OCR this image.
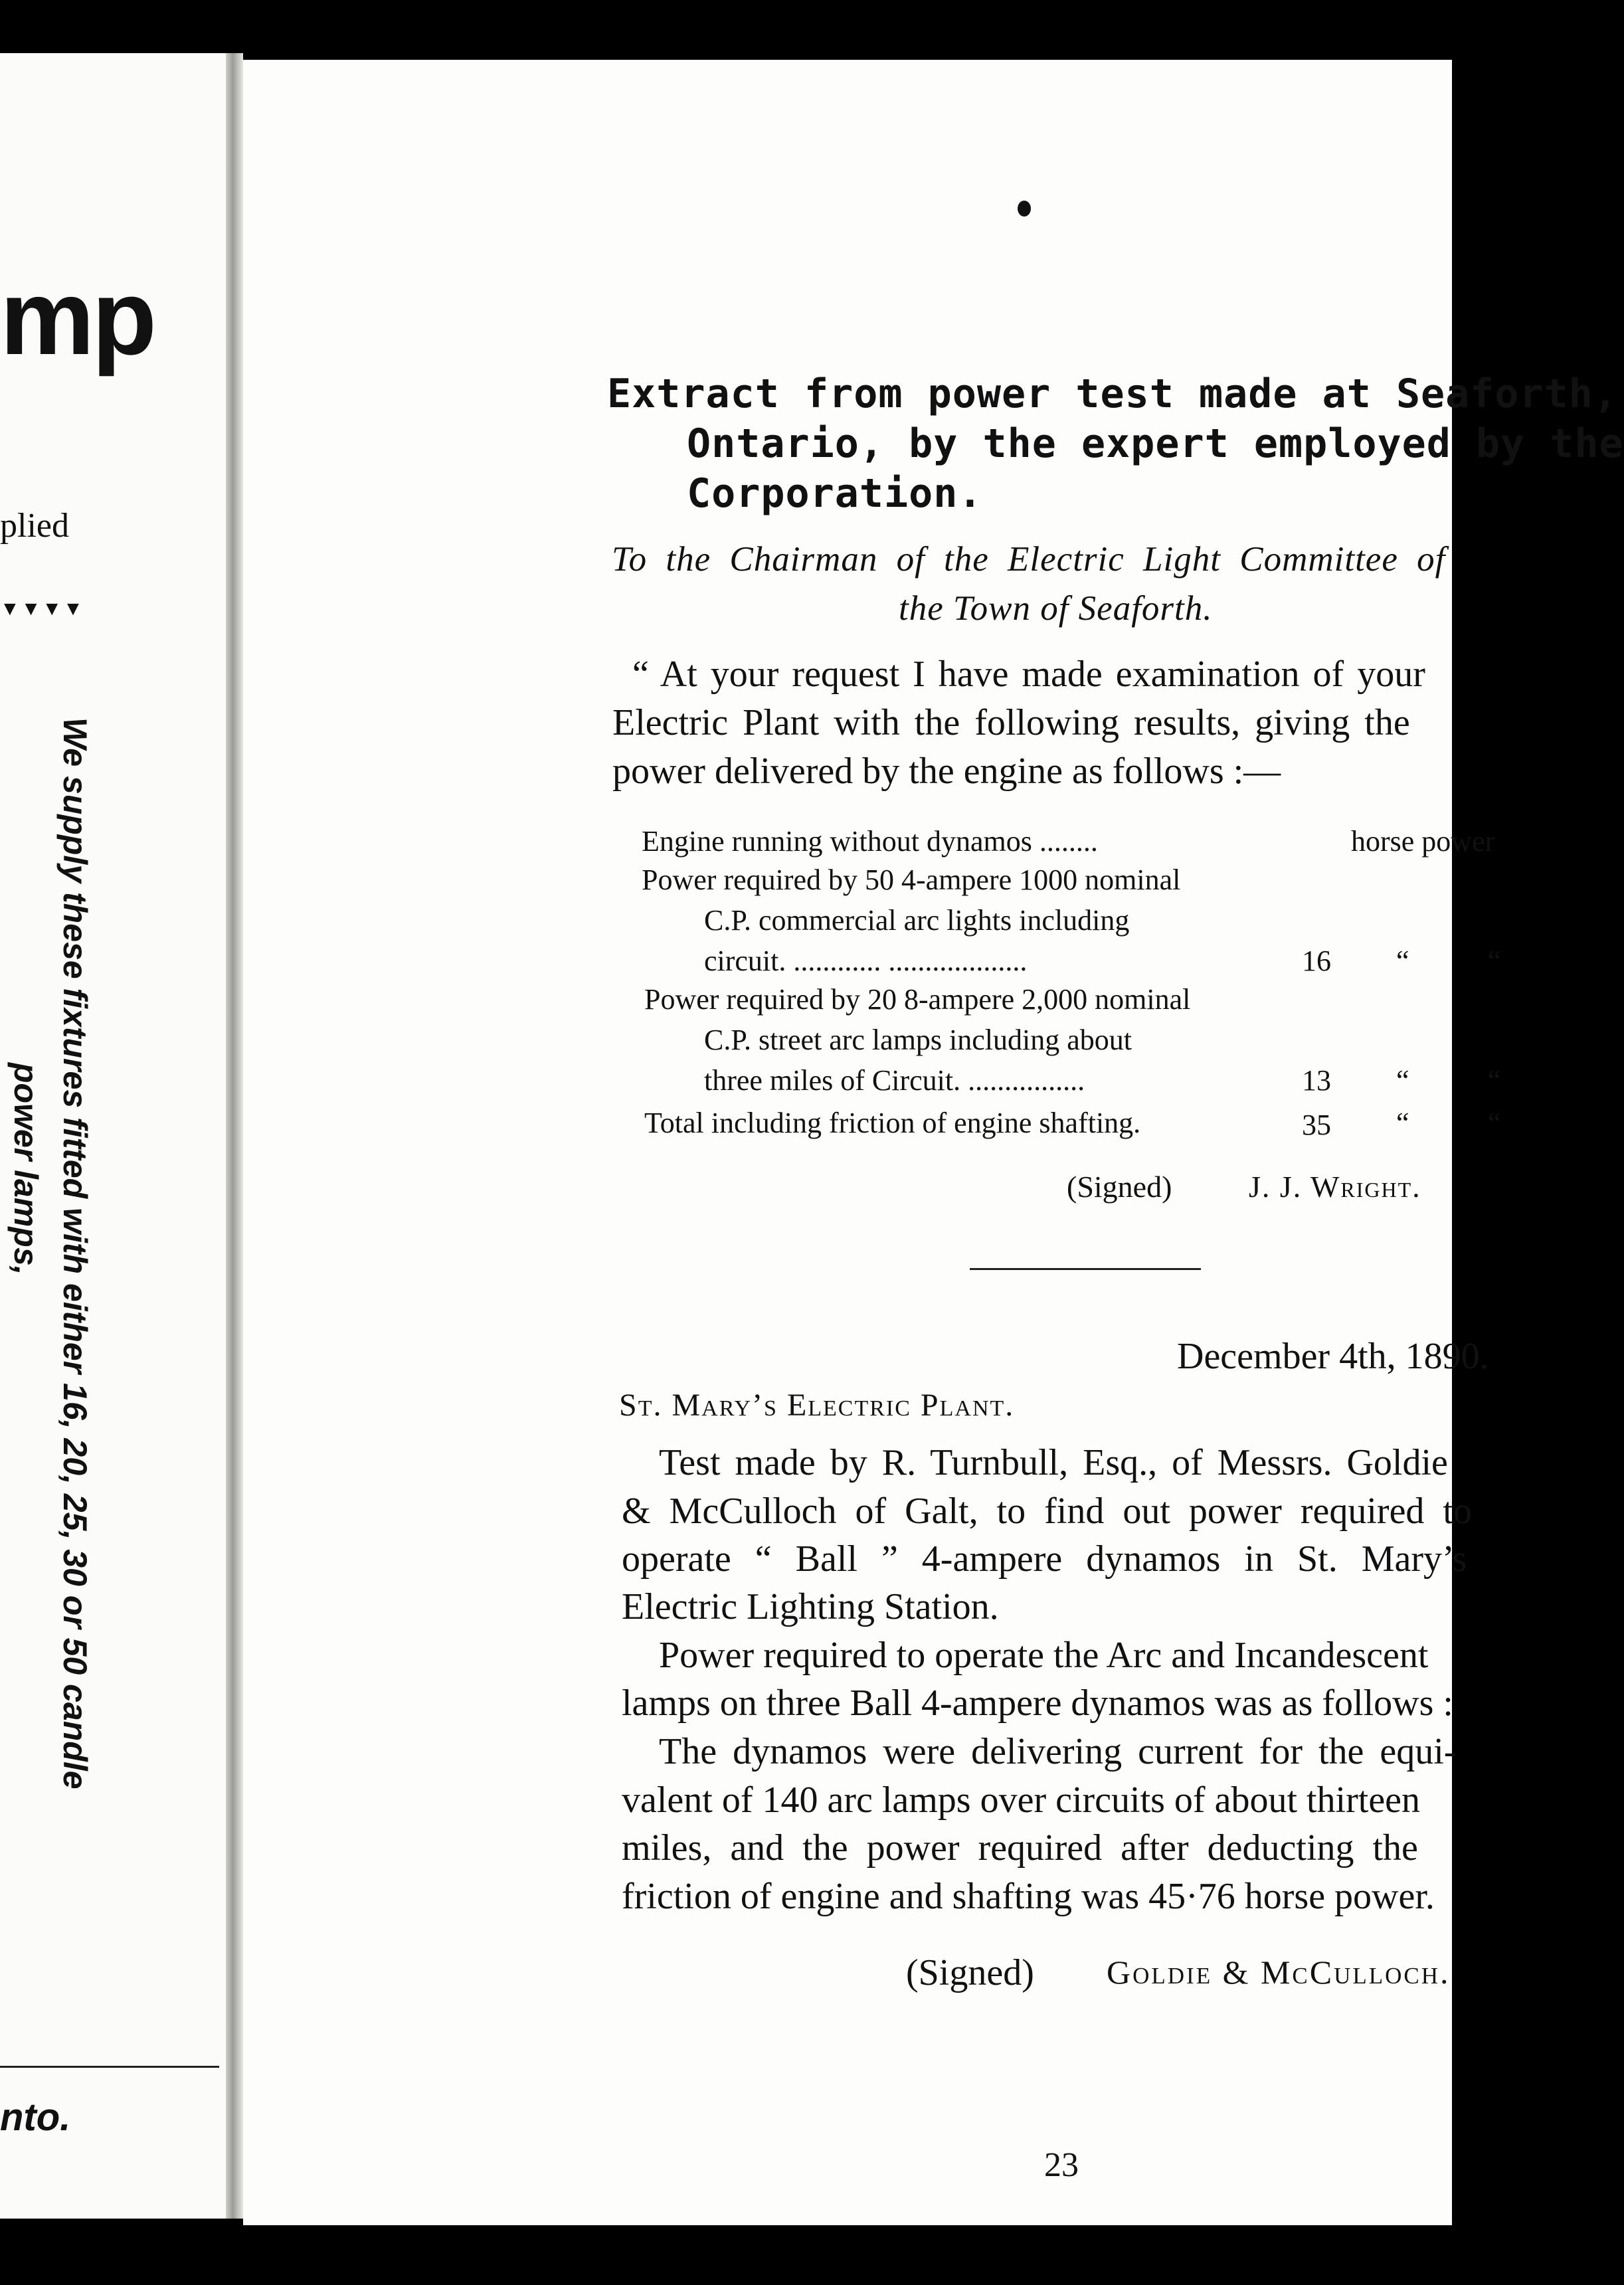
mp
plied
▼▼▼▼
We supply these fixtures fitted with either 16, 20, 25, 30 or 50 candle
power lamps,
nto.
Extract from power test made at Seaforth,
Ontario, by the expert employed by the
Corporation.
To the Chairman of the Electric Light Committee of
the Town of Seaforth.
“ At your request I have made examination of your
Electric Plant with the following results, giving the
power delivered by the engine as follows :—
Engine running without dynamos ........	horse power
Power required by 50 4-ampere 1000 nominal
C.P. commercial arc lights including
circuit. ............ ...................	16 “	“
Power required by 20 8-ampere 2,000 nominal
C.P. street arc lamps including about
three miles of Circuit. ................	13 “	“
Total including friction of engine shafting.	35 “	“
(Signed)	J. J. Wright.
December 4th, 1890.
St. Mary’s Electric Plant.
Test made by R. Turnbull, Esq., of Messrs. Goldie
& McCulloch of Galt, to find out power required to
operate “ Ball ” 4-ampere dynamos in St. Mary’s
Electric Lighting Station.
Power required to operate the Arc and Incandescent
lamps on three Ball 4-ampere dynamos was as follows :
The dynamos were delivering current for the equi-
valent of 140 arc lamps over circuits of about thirteen
miles, and the power required after deducting the
friction of engine and shafting was 45·76 horse power.
(Signed) Goldie & McCulloch.
23
